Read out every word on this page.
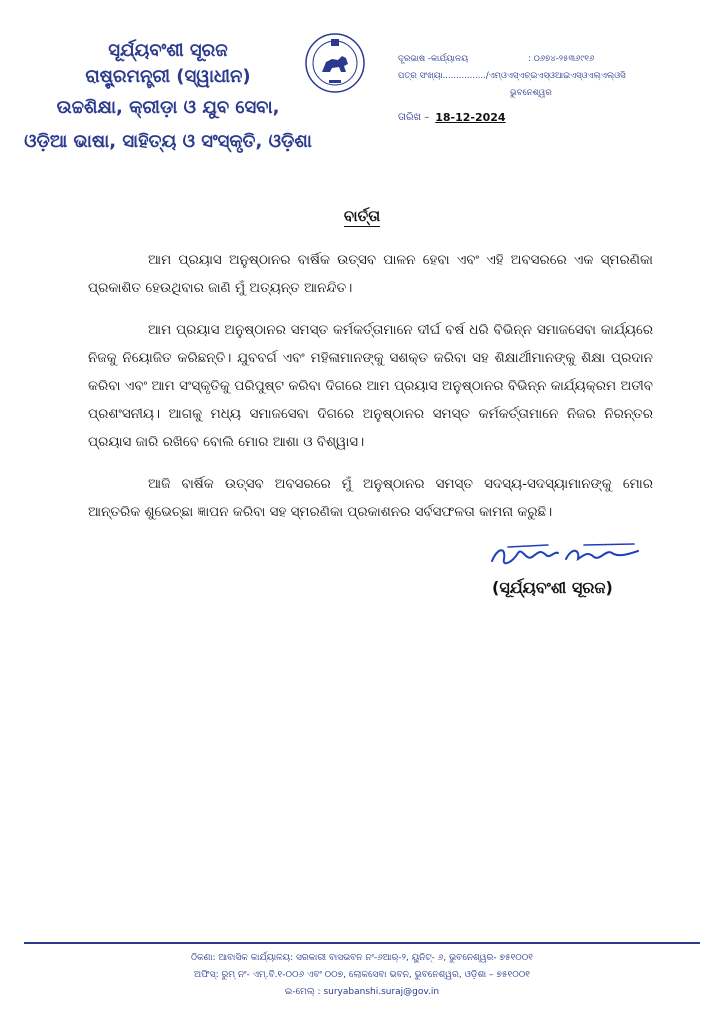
ସୂର୍ଯ୍ୟବଂଶୀ ସୂରଜ
ରାଷ୍ଟ୍ରମନ୍ତ୍ରୀ (ସ୍ୱାଧୀନ)
ଉଚ୍ଚଶିକ୍ଷା, କ୍ରୀଡ଼ା ଓ ଯୁବ ସେବା,
ଓଡ଼ିଆ ଭାଷା, ସାହିତ୍ୟ ଓ ସଂସ୍କୃତି, ଓଡ଼ିଶା
ଦୂରଭାଷ -କାର୍ଯ୍ୟାଳୟ	: ୦୬୭୪-୨୫୩୬୯୧୬
ପତ୍ର ସଂଖ୍ୟା................/ଏମ୍ଓଏସ୍ଏଚ୍ଇଏସ୍ଓଆଇଏସ୍ଓଏଲ୍ଏଲ୍ଓସି
ଭୁବନେଶ୍ୱର
ତାରିଖ – 18-12-2024
ବାର୍ତ୍ତା

ଆମ ପ୍ରୟାସ ଅନୁଷ୍ଠାନର ବାର୍ଷିକ ଉତ୍ସବ ପାଳନ ହେବା ଏବଂ ଏହି ଅବସରରେ ଏକ ସ୍ମରଣିକା ପ୍ରକାଶିତ ହେଉଥିବାର ଜାଣି ମୁଁ ଅତ୍ୟନ୍ତ ଆନନ୍ଦିତ।

ଆମ ପ୍ରୟାସ ଅନୁଷ୍ଠାନର ସମସ୍ତ କର୍ମକର୍ତ୍ତାମାନେ ଦୀର୍ଘ ବର୍ଷ ଧରି ବିଭିନ୍ନ ସମାଜସେବା କାର୍ଯ୍ୟରେ ନିଜକୁ ନିୟୋଜିତ କରିଛନ୍ତି। ଯୁବବର୍ଗ ଏବଂ ମହିଳାମାନଙ୍କୁ ସଶକ୍ତ କରିବା ସହ ଶିକ୍ଷାର୍ଥୀମାନଙ୍କୁ ଶିକ୍ଷା ପ୍ରଦାନ କରିବା ଏବଂ ଆମ ସଂସ୍କୃତିକୁ ପରିପୁଷ୍ଟ କରିବା ଦିଗରେ ଆମ ପ୍ରୟାସ ଅନୁଷ୍ଠାନର ବିଭିନ୍ନ କାର୍ଯ୍ୟକ୍ରମ ଅତୀବ ପ୍ରଶଂସନୀୟ। ଆଗକୁ ମଧ୍ୟ ସମାଜସେବା ଦିଗରେ ଅନୁଷ୍ଠାନର ସମସ୍ତ କର୍ମକର୍ତ୍ତାମାନେ ନିଜର ନିରନ୍ତର ପ୍ରୟାସ ଜାରି ରଖିବେ ବୋଲି ମୋର ଆଶା ଓ ବିଶ୍ୱାସ।

ଆଜି ବାର୍ଷିକ ଉତ୍ସବ ଅବସରରେ ମୁଁ ଅନୁଷ୍ଠାନର ସମସ୍ତ ସଦସ୍ୟ-ସଦସ୍ୟାମାନଙ୍କୁ ମୋର ଆନ୍ତରିକ ଶୁଭେଚ୍ଛା ଜ୍ଞାପନ କରିବା ସହ ସ୍ମରଣିକା ପ୍ରକାଶନର ସର୍ବସଫଳତା କାମନା କରୁଛି।

(ସୂର୍ଯ୍ୟବଂଶୀ ସୂରଜ)
ଠିକଣା: ଆବାସିକ କାର୍ଯ୍ୟାଳୟ: ସରକାରୀ ବାସଭବନ ନଂ-୬ଆର୍-୨, ୟୁନିଟ୍- ୬, ଭୁବନେଶ୍ୱର- ୭୫୧୦୦୧
ଅଫିସ୍: ରୁମ୍ ନଂ- ଏମ୍.ବି.୧-୦୦୬ ଏବଂ ୦୦୭, ଲୋକସେବା ଭବନ, ଭୁବନେଶ୍ୱର, ଓଡ଼ିଶା – ୭୫୧୦୦୧
ଇ-ମେଲ୍ : suryabanshi.suraj@gov.in
